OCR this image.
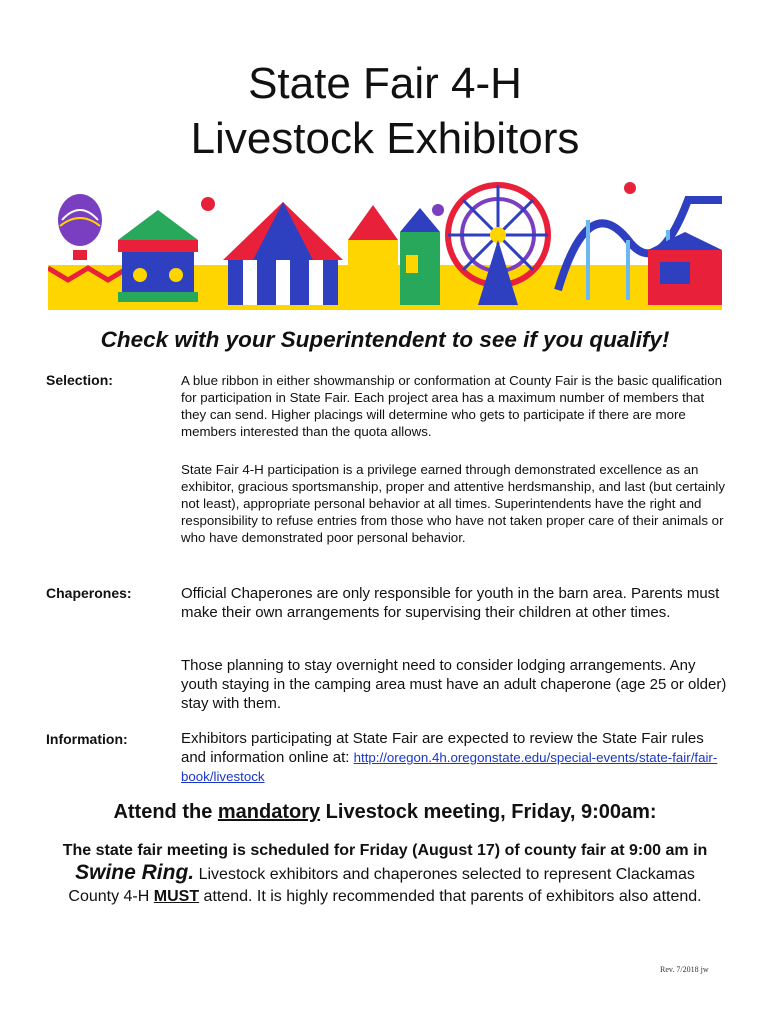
State Fair 4-H
Livestock Exhibitors
Check with your Superintendent to see if you qualify!
Selection:	A blue ribbon in either showmanship or conformation at County Fair is the basic qualification for participation in State Fair. Each project area has a maximum number of members that they can send. Higher placings will determine who gets to participate if there are more members interested than the quota allows.
State Fair 4-H participation is a privilege earned through demonstrated excellence as an exhibitor, gracious sportsmanship, proper and attentive herdsmanship, and last (but certainly not least), appropriate personal behavior at all times. Superintendents have the right and responsibility to refuse entries from those who have not taken proper care of their animals or who have demonstrated poor personal behavior.
Chaperones:	Official Chaperones are only responsible for youth in the barn area. Parents must make their own arrangements for supervising their children at other times.
Those planning to stay overnight need to consider lodging arrangements. Any youth staying in the camping area must have an adult chaperone (age 25 or older) stay with them.
Information:	Exhibitors participating at State Fair are expected to review the State Fair rules and information online at: http://oregon.4h.oregonstate.edu/special-events/state-fair/fair-book/livestock
Attend the mandatory Livestock meeting, Friday, 9:00am:
The state fair meeting is scheduled for Friday (August 17) of county fair at 9:00 am in Swine Ring. Livestock exhibitors and chaperones selected to represent Clackamas County 4-H MUST attend. It is highly recommended that parents of exhibitors also attend.
Rev. 7/2018 jw
